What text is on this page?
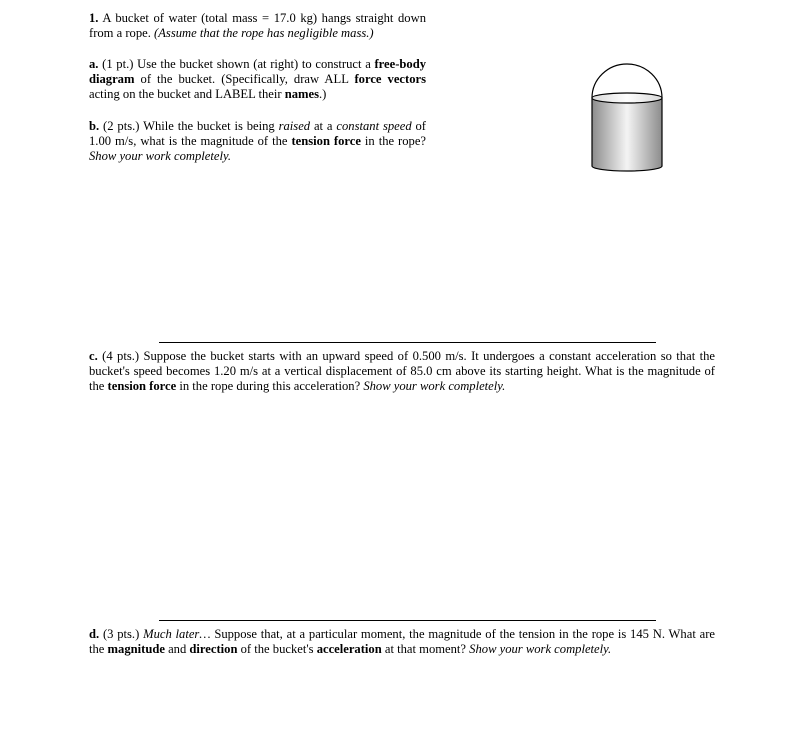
1. A bucket of water (total mass = 17.0 kg) hangs straight down from a rope. (Assume that the rope has negligible mass.)
a. (1 pt.) Use the bucket shown (at right) to construct a free-body diagram of the bucket. (Specifically, draw ALL force vectors acting on the bucket and LABEL their names.)
b. (2 pts.) While the bucket is being raised at a constant speed of 1.00 m/s, what is the magnitude of the tension force in the rope? Show your work completely.
c. (4 pts.) Suppose the bucket starts with an upward speed of 0.500 m/s. It undergoes a constant acceleration so that the bucket's speed becomes 1.20 m/s at a vertical displacement of 85.0 cm above its starting height. What is the magnitude of the tension force in the rope during this acceleration? Show your work completely.
d. (3 pts.) Much later… Suppose that, at a particular moment, the magnitude of the tension in the rope is 145 N. What are the magnitude and direction of the bucket's acceleration at that moment? Show your work completely.
